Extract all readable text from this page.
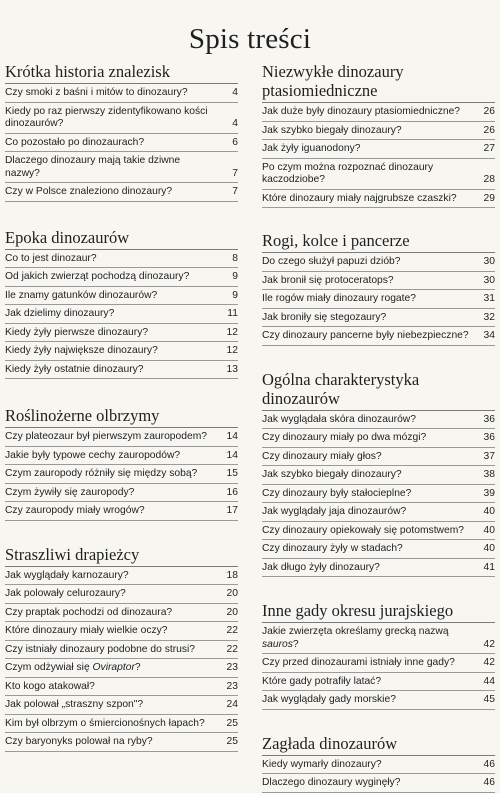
Spis treści
Krótka historia znalezisk
Czy smoki z baśni i mitów to dinozaury?	4
Kiedy po raz pierwszy zidentyfikowano kości dinozaurów?	4
Co pozostało po dinozaurach?	6
Dlaczego dinozaury mają takie dziwne nazwy?	7
Czy w Polsce znaleziono dinozaury?	7
Epoka dinozaurów
Co to jest dinozaur?	8
Od jakich zwierząt pochodzą dinozaury?	9
Ile znamy gatunków dinozaurów?	9
Jak dzielimy dinozaury?	11
Kiedy żyły pierwsze dinozaury?	12
Kiedy żyły największe dinozaury?	12
Kiedy żyły ostatnie dinozaury?	13
Roślinożerne olbrzymy
Czy plateozaur był pierwszym zauropodem?	14
Jakie były typowe cechy zauropodów?	14
Czym zauropody różniły się między sobą?	15
Czym żywiły się zauropody?	16
Czy zauropody miały wrogów?	17
Straszliwi drapieżcy
Jak wyglądały karnozaury?	18
Jak polowały celurozaury?	20
Czy praptak pochodzi od dinozaura?	20
Które dinozaury miały wielkie oczy?	22
Czy istniały dinozaury podobne do strusi?	22
Czym odżywiał się Oviraptor?	23
Kto kogo atakował?	23
Jak polował „straszny szpon"?	24
Kim był olbrzym o śmiercionośnych łapach?	25
Czy baryonyks polował na ryby?	25
Niezwykłe dinozaury ptasiomiedniczne
Jak duże były dinozaury ptasiomiedniczne?	26
Jak szybko biegały dinozaury?	26
Jak żyły iguanodony?	27
Po czym można rozpoznać dinozaury kaczodziobe?	28
Które dinozaury miały najgrubsze czaszki?	29
Rogi, kolce i pancerze
Do czego służył papuzi dziób?	30
Jak bronił się protoceratops?	30
Ile rogów miały dinozaury rogate?	31
Jak broniły się stegozaury?	32
Czy dinozaury pancerne były niebezpieczne?	34
Ogólna charakterystyka dinozaurów
Jak wyglądała skóra dinozaurów?	36
Czy dinozaury miały po dwa mózgi?	36
Czy dinozaury miały głos?	37
Jak szybko biegały dinozaury?	38
Czy dinozaury były stałocieplne?	39
Jak wyglądały jaja dinozaurów?	40
Czy dinozaury opiekowały się potomstwem?	40
Czy dinozaury żyły w stadach?	40
Jak długo żyły dinozaury?	41
Inne gady okresu jurajskiego
Jakie zwierzęta określamy grecką nazwą sauros?	42
Czy przed dinozaurami istniały inne gady?	42
Które gady potrafiły latać?	44
Jak wyglądały gady morskie?	45
Zagłada dinozaurów
Kiedy wymarły dinozaury?	46
Dlaczego dinozaury wyginęły?	46
